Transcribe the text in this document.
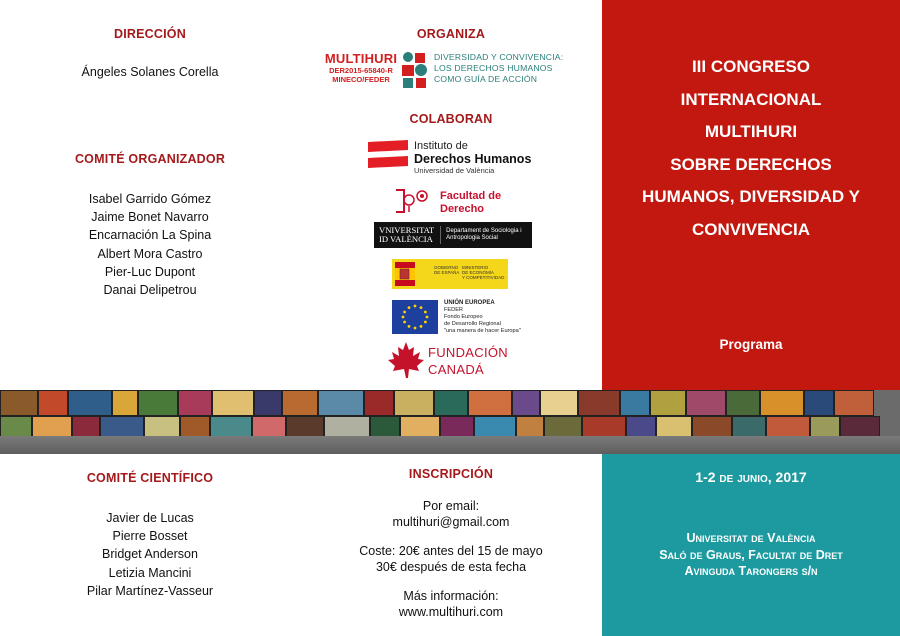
DIRECCIÓN
Ángeles Solanes Corella
COMITÉ ORGANIZADOR
Isabel Garrido Gómez
Jaime Bonet Navarro
Encarnación La Spina
Albert Mora Castro
Pier-Luc Dupont
Danai Delipetrou
ORGANIZA
MULTIHURI
DER2015-65840-R
MINECO/FEDER
DIVERSIDAD Y CONVIVENCIA:
LOS DERECHOS HUMANOS
COMO GUÍA DE ACCIÓN
COLABORAN
Instituto de
Derechos Humanos
Universidad de València
Facultad de
Derecho
VNIVERSITAT
ID VALÈNCIA
Departament de Sociologia i
Antropologia Social
GOBIERNO
DE ESPAÑA
MINISTERIO
DE ECONOMÍA
Y COMPETITIVIDAD
UNIÓN EUROPEA
FEDER
Fondo Europeo
de Desarrollo Regional
"una manera de hacer Europa"
FUNDACIÓN
CANADÁ
III CONGRESO
INTERNACIONAL
MULTIHURI
SOBRE DERECHOS
HUMANOS, DIVERSIDAD Y
CONVIVENCIA
Programa
COMITÉ CIENTÍFICO
Javier de Lucas
Pierre Bosset
Bridget Anderson
Letizia Mancini
Pilar Martínez-Vasseur
INSCRIPCIÓN
Por email:
multihuri@gmail.com
Coste: 20€ antes del 15 de mayo
30€ después de esta fecha
Más información:
www.multihuri.com
1-2 de junio, 2017
Universitat de València
Saló de Graus, Facultat de Dret
Avinguda Tarongers s/n
